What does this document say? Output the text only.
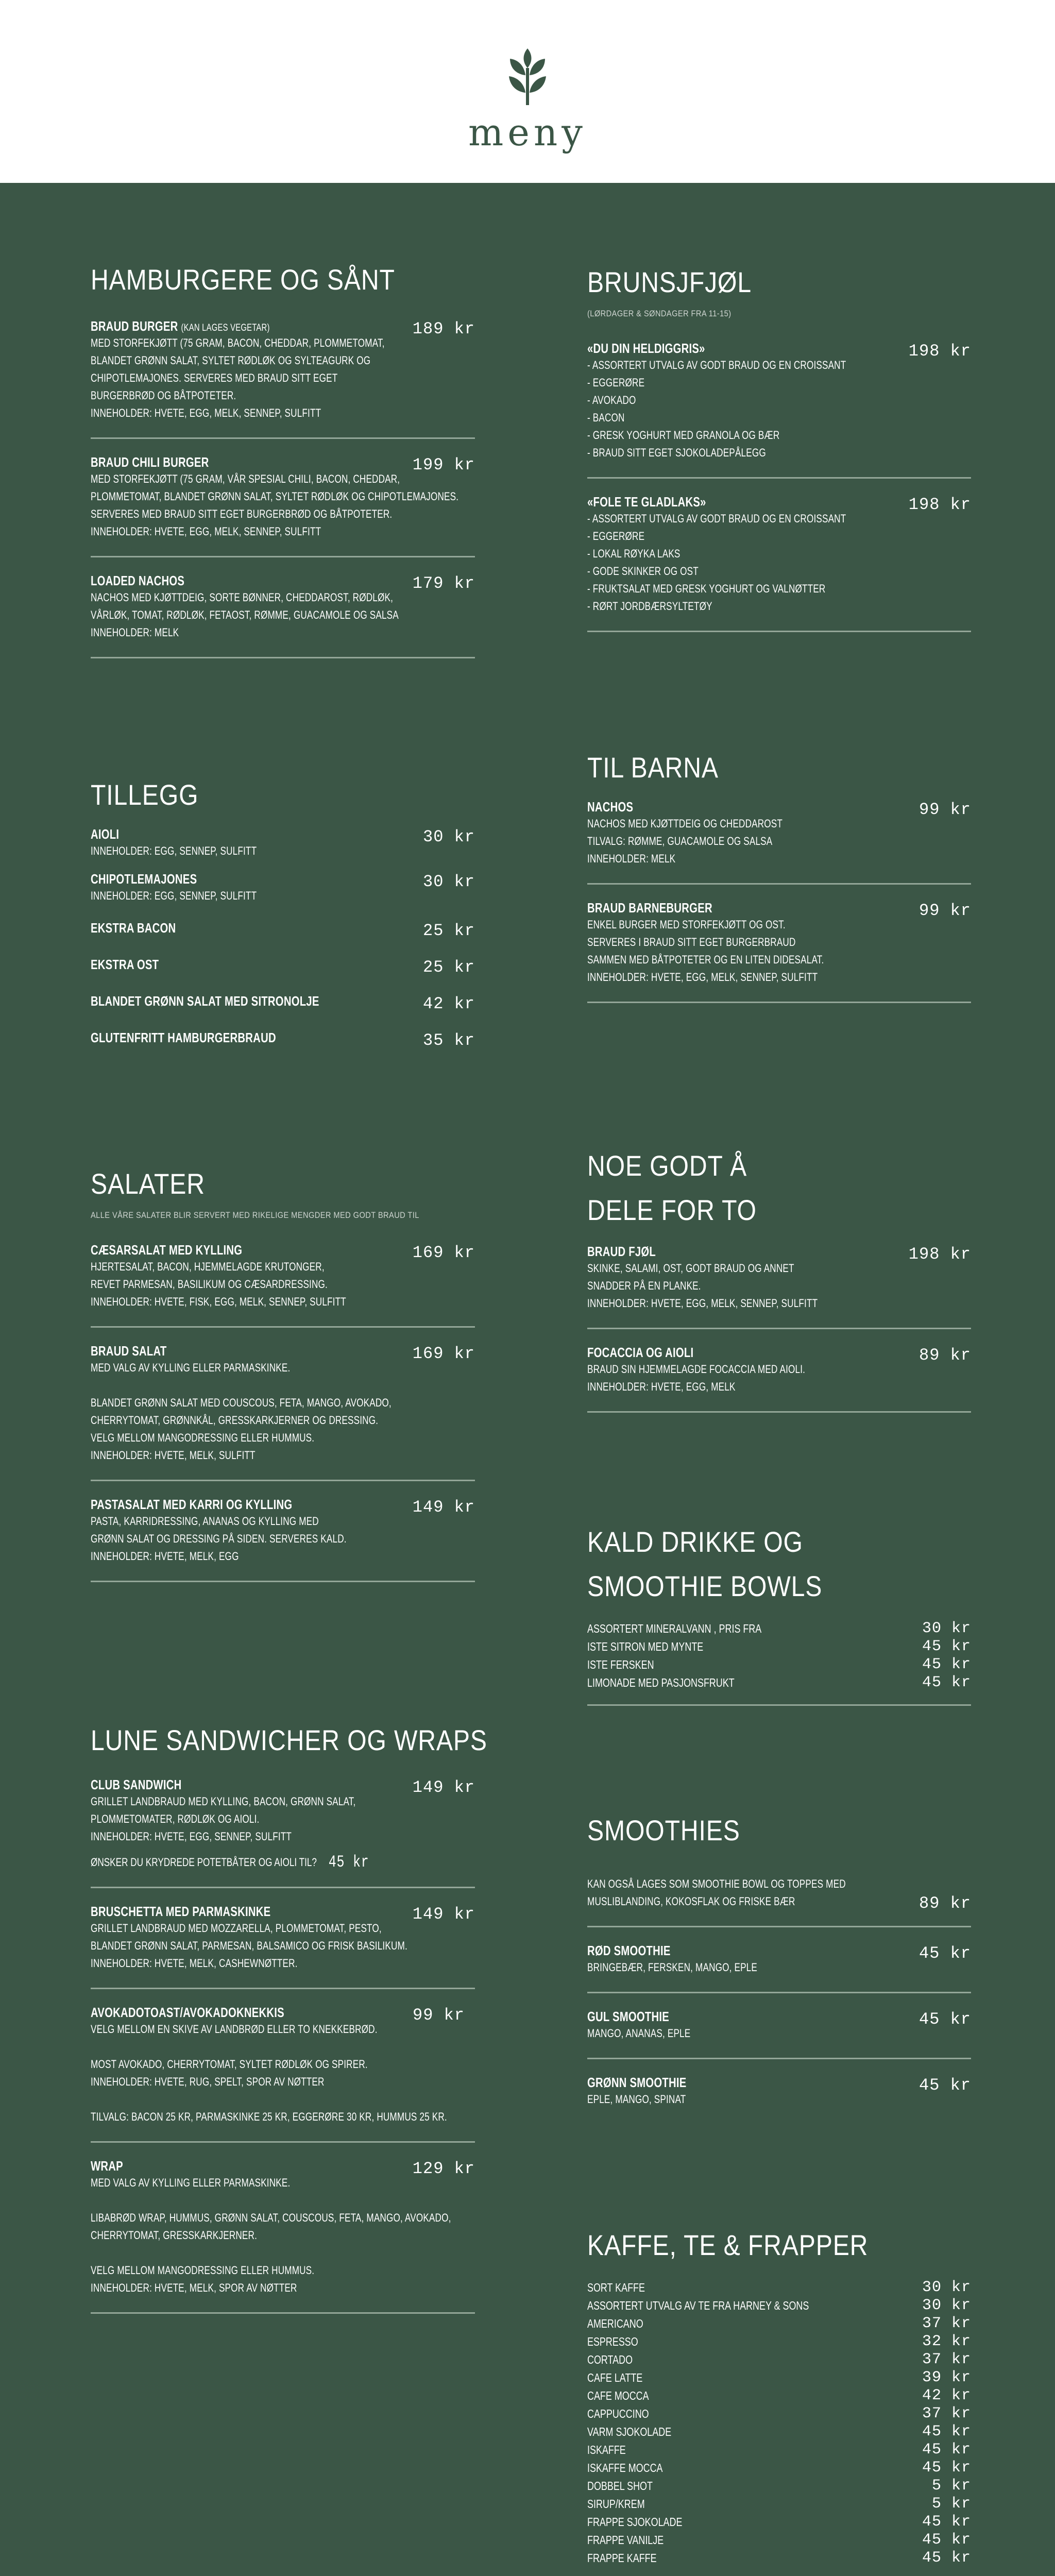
meny
HAMBURGERE OG SÅNT
BRAUD BURGER (KAN LAGES VEGETAR)	189 kr
MED STORFEKJØTT (75 GRAM, BACON, CHEDDAR, PLOMMETOMAT,
BLANDET GRØNN SALAT, SYLTET RØDLØK OG SYLTEAGURK OG
CHIPOTLEMAJONES. SERVERES MED BRAUD SITT EGET
BURGERBRØD OG BÅTPOTETER.
INNEHOLDER: HVETE, EGG, MELK, SENNEP, SULFITT
BRAUD CHILI BURGER	199 kr
MED STORFEKJØTT (75 GRAM, VÅR SPESIAL CHILI, BACON, CHEDDAR,
PLOMMETOMAT, BLANDET GRØNN SALAT, SYLTET RØDLØK OG CHIPOTLEMAJONES.
SERVERES MED BRAUD SITT EGET BURGERBRØD OG BÅTPOTETER.
INNEHOLDER: HVETE, EGG, MELK, SENNEP, SULFITT
LOADED NACHOS	179 kr
NACHOS MED KJØTTDEIG, SORTE BØNNER, CHEDDAROST, RØDLØK,
VÅRLØK, TOMAT, RØDLØK, FETAOST, RØMME, GUACAMOLE OG SALSA
INNEHOLDER: MELK
TILLEGG
AIOLI	30 kr
INNEHOLDER: EGG, SENNEP, SULFITT
CHIPOTLEMAJONES	30 kr
INNEHOLDER: EGG, SENNEP, SULFITT
EKSTRA BACON	25 kr
EKSTRA OST	25 kr
BLANDET GRØNN SALAT MED SITRONOLJE	42 kr
GLUTENFRITT HAMBURGERBRAUD	35 kr
SALATER
ALLE VÅRE SALATER BLIR SERVERT MED RIKELIGE MENGDER MED GODT BRAUD TIL
CÆSARSALAT MED KYLLING	169 kr
HJERTESALAT, BACON, HJEMMELAGDE KRUTONGER,
REVET PARMESAN, BASILIKUM OG CÆSARDRESSING.
INNEHOLDER: HVETE, FISK, EGG, MELK, SENNEP, SULFITT
BRAUD SALAT	169 kr
MED VALG AV KYLLING ELLER PARMASKINKE.

BLANDET GRØNN SALAT MED COUSCOUS, FETA, MANGO, AVOKADO,
CHERRYTOMAT, GRØNNKÅL, GRESSKARKJERNER OG DRESSING.
VELG MELLOM MANGODRESSING ELLER HUMMUS.
INNEHOLDER: HVETE, MELK, SULFITT
PASTASALAT MED KARRI OG KYLLING	149 kr
PASTA, KARRIDRESSING, ANANAS OG KYLLING MED
GRØNN SALAT OG DRESSING PÅ SIDEN. SERVERES KALD.
INNEHOLDER: HVETE, MELK, EGG
LUNE SANDWICHER OG WRAPS
CLUB SANDWICH	149 kr
GRILLET LANDBRAUD MED KYLLING, BACON, GRØNN SALAT,
PLOMMETOMATER, RØDLØK OG AIOLI.
INNEHOLDER: HVETE, EGG, SENNEP, SULFITT
ØNSKER DU KRYDREDE POTETBÅTER OG AIOLI TIL? 45 kr
BRUSCHETTA MED PARMASKINKE	149 kr
GRILLET LANDBRAUD MED MOZZARELLA, PLOMMETOMAT, PESTO,
BLANDET GRØNN SALAT, PARMESAN, BALSAMICO OG FRISK BASILIKUM.
INNEHOLDER: HVETE, MELK, CASHEWNØTTER.
AVOKADOTOAST/AVOKADOKNEKKIS	99 kr
VELG MELLOM EN SKIVE AV LANDBRØD ELLER TO KNEKKEBRØD.

MOST AVOKADO, CHERRYTOMAT, SYLTET RØDLØK OG SPIRER.
INNEHOLDER: HVETE, RUG, SPELT, SPOR AV NØTTER

TILVALG: BACON 25 KR, PARMASKINKE 25 KR, EGGERØRE 30 KR, HUMMUS 25 KR.
WRAP	129 kr
MED VALG AV KYLLING ELLER PARMASKINKE.

LIBABRØD WRAP, HUMMUS, GRØNN SALAT, COUSCOUS, FETA, MANGO, AVOKADO,
CHERRYTOMAT, GRESSKARKJERNER.

VELG MELLOM MANGODRESSING ELLER HUMMUS.
INNEHOLDER: HVETE, MELK, SPOR AV NØTTER
BRUNSJFJØL
(LØRDAGER & SØNDAGER FRA 11-15)
«DU DIN HELDIGGRIS»	198 kr
- ASSORTERT UTVALG AV GODT BRAUD OG EN CROISSANT
- EGGERØRE
- AVOKADO
- BACON
- GRESK YOGHURT MED GRANOLA OG BÆR
- BRAUD SITT EGET SJOKOLADEPÅLEGG
«FOLE TE GLADLAKS»	198 kr
- ASSORTERT UTVALG AV GODT BRAUD OG EN CROISSANT
- EGGERØRE
- LOKAL RØYKA LAKS
- GODE SKINKER OG OST
- FRUKTSALAT MED GRESK YOGHURT OG VALNØTTER
- RØRT JORDBÆRSYLTETØY
TIL BARNA
NACHOS	99 kr
NACHOS MED KJØTTDEIG OG CHEDDAROST
TILVALG: RØMME, GUACAMOLE OG SALSA
INNEHOLDER: MELK
BRAUD BARNEBURGER	99 kr
ENKEL BURGER MED STORFEKJØTT OG OST.
SERVERES I BRAUD SITT EGET BURGERBRAUD
SAMMEN MED BÅTPOTETER OG EN LITEN DIDESALAT.
INNEHOLDER: HVETE, EGG, MELK, SENNEP, SULFITT
NOE GODT Å
DELE FOR TO
BRAUD FJØL	198 kr
SKINKE, SALAMI, OST, GODT BRAUD OG ANNET
SNADDER PÅ EN PLANKE.
INNEHOLDER: HVETE, EGG, MELK, SENNEP, SULFITT
FOCACCIA OG AIOLI	89 kr
BRAUD SIN HJEMMELAGDE FOCACCIA MED AIOLI.
INNEHOLDER: HVETE, EGG, MELK
KALD DRIKKE OG
SMOOTHIE BOWLS
ASSORTERT MINERALVANN , PRIS FRA	30 kr
ISTE SITRON MED MYNTE	45 kr
ISTE FERSKEN	45 kr
LIMONADE MED PASJONSFRUKT	45 kr
SMOOTHIES
KAN OGSÅ LAGES SOM SMOOTHIE BOWL OG TOPPES MED
MUSLIBLANDING, KOKOSFLAK OG FRISKE BÆR	89 kr
RØD SMOOTHIE	45 kr
BRINGEBÆR, FERSKEN, MANGO, EPLE
GUL SMOOTHIE	45 kr
MANGO, ANANAS, EPLE
GRØNN SMOOTHIE	45 kr
EPLE, MANGO, SPINAT
KAFFE, TE & FRAPPER
SORT KAFFE	30 kr
ASSORTERT UTVALG AV TE FRA HARNEY & SONS	30 kr
AMERICANO	37 kr
ESPRESSO	32 kr
CORTADO	37 kr
CAFE LATTE	39 kr
CAFE MOCCA	42 kr
CAPPUCCINO	37 kr
VARM SJOKOLADE	45 kr
ISKAFFE	45 kr
ISKAFFE MOCCA	45 kr
DOBBEL SHOT	5 kr
SIRUP/KREM	5 kr
FRAPPE SJOKOLADE	45 kr
FRAPPE VANILJE	45 kr
FRAPPE KAFFE	45 kr
